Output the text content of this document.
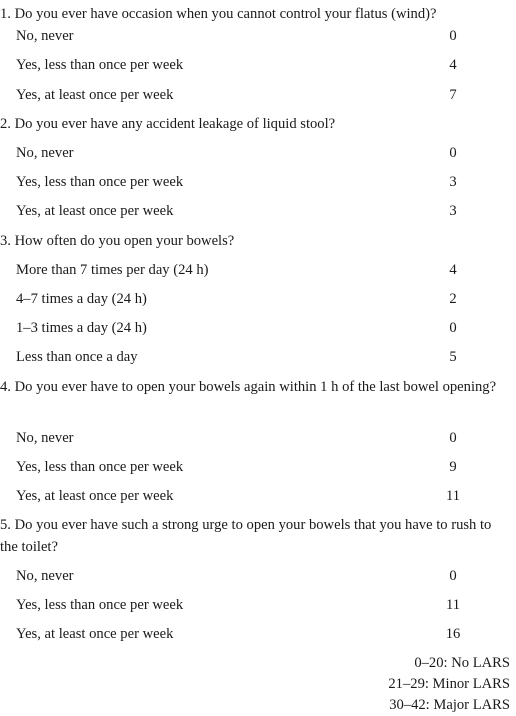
1. Do you ever have occasion when you cannot control your flatus (wind)?
No, never	0
Yes, less than once per week	4
Yes, at least once per week	7
2. Do you ever have any accident leakage of liquid stool?
No, never	0
Yes, less than once per week	3
Yes, at least once per week	3
3. How often do you open your bowels?
More than 7 times per day (24 h)	4
4–7 times a day (24 h)	2
1–3 times a day (24 h)	0
Less than once a day	5
4. Do you ever have to open your bowels again within 1 h of the last bowel opening?
No, never	0
Yes, less than once per week	9
Yes, at least once per week	11
5. Do you ever have such a strong urge to open your bowels that you have to rush to the toilet?
No, never	0
Yes, less than once per week	11
Yes, at least once per week	16
0–20: No LARS
21–29: Minor LARS
30–42: Major LARS
